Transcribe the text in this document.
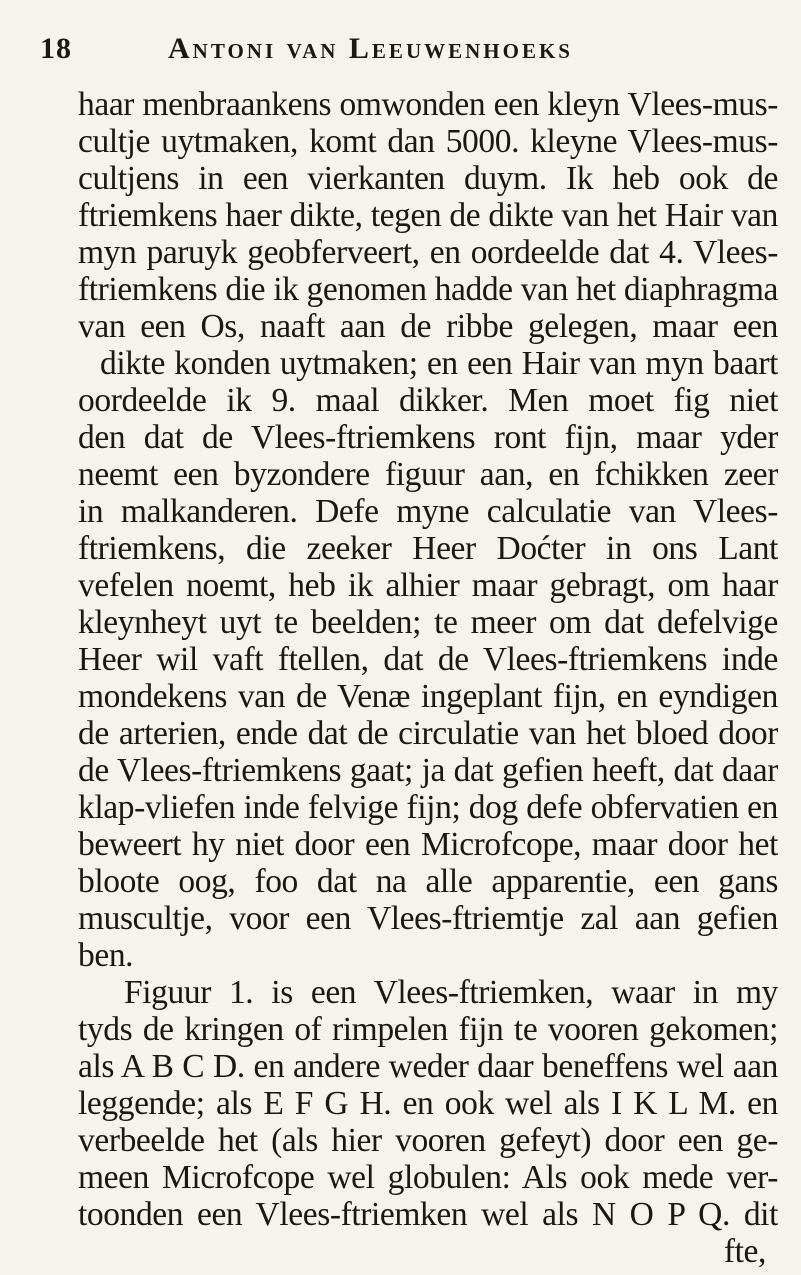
18	Antoni van Leeuwenhoeks
haar menbraankens omwonden een kleyn Vlees-mus-
cultje uytmaken, komt dan 5000. kleyne Vlees-mus-
cultjens in een vierkanten duym. Ik heb ook de
ftriemkens haer dikte, tegen de dikte van het Hair van
myn paruyk geobferveert, en oordeelde dat 4. Vlees-
ftriemkens die ik genomen hadde van het diaphragma
van een Os, naaft aan de ribbe gelegen, maar een
dikte konden uytmaken; en een Hair van myn baart
oordeelde ik 9. maal dikker. Men moet fig niet
den dat de Vlees-ftriemkens ront fijn, maar yder
neemt een byzondere figuur aan, en fchikken zeer
in malkanderen. Defe myne calculatie van Vlees-
ftriemkens, die zeeker Heer Doćter in ons Lant
vefelen noemt, heb ik alhier maar gebragt, om haar
kleynheyt uyt te beelden; te meer om dat defelvige
Heer wil vaft ftellen, dat de Vlees-ftriemkens inde
mondekens van de Venæ ingeplant fijn, en eyndigen
de arterien, ende dat de circulatie van het bloed door
de Vlees-ftriemkens gaat; ja dat gefien heeft, dat daar
klap-vliefen inde felvige fijn; dog defe obfervatien en
beweert hy niet door een Microfcope, maar door het
bloote oog, foo dat na alle apparentie, een gans
muscultje, voor een Vlees-ftriemtje zal aan gefien
ben.
Figuur 1. is een Vlees-ftriemken, waar in my
tyds de kringen of rimpelen fijn te vooren gekomen;
als A B C D. en andere weder daar beneffens wel aan
leggende; als E F G H. en ook wel als I K L M. en
verbeelde het (als hier vooren gefeyt) door een ge-
meen Microfcope wel globulen: Als ook mede ver-
toonden een Vlees-ftriemken wel als N O P Q. dit
fte,
